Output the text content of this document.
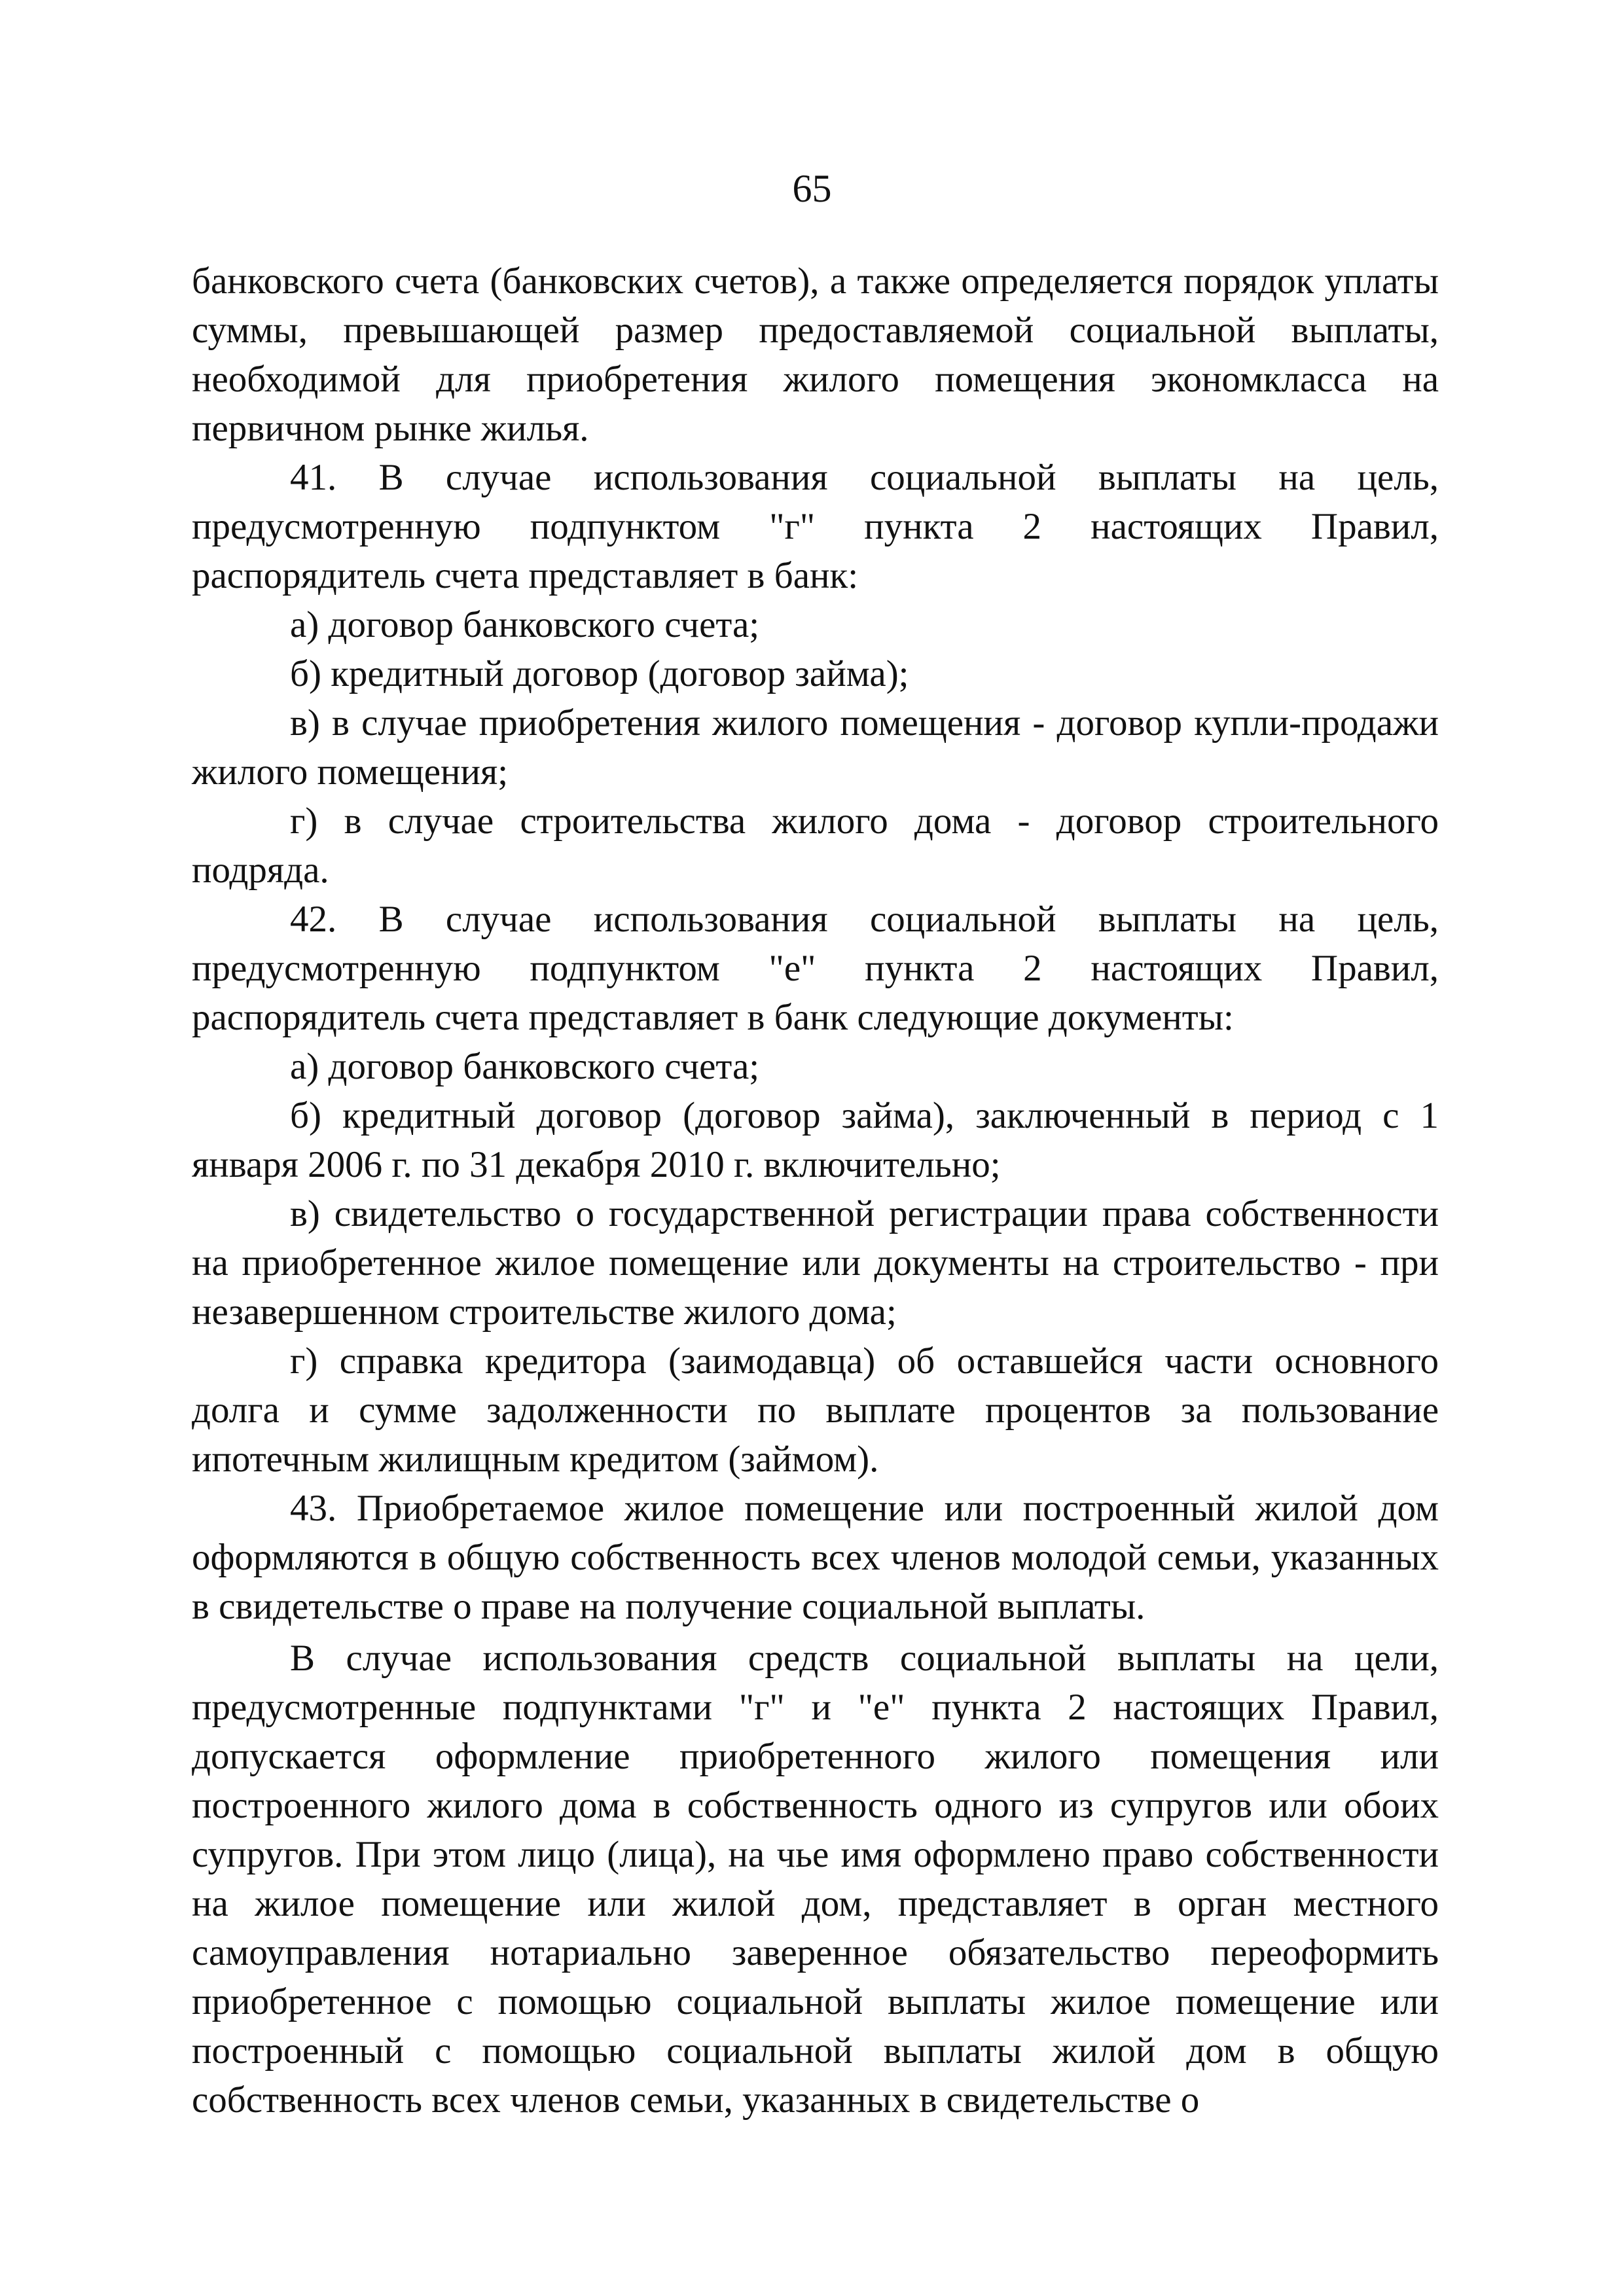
65

банковского счета (банковских счетов), а также определяется порядок уплаты суммы, превышающей размер предоставляемой социальной выплаты, необходимой для приобретения жилого помещения экономкласса на первичном рынке жилья.

41. В случае использования социальной выплаты на цель, предусмотренную подпунктом "г" пункта 2 настоящих Правил, распорядитель счета представляет в банк:

а) договор банковского счета;

б) кредитный договор (договор займа);

в) в случае приобретения жилого помещения - договор купли-продажи жилого помещения;

г) в случае строительства жилого дома - договор строительного подряда.

42. В случае использования социальной выплаты на цель, предусмотренную подпунктом "е" пункта 2 настоящих Правил, распорядитель счета представляет в банк следующие документы:

а) договор банковского счета;

б) кредитный договор (договор займа), заключенный в период с 1 января 2006 г. по 31 декабря 2010 г. включительно;

в) свидетельство о государственной регистрации права собственности на приобретенное жилое помещение или документы на строительство - при незавершенном строительстве жилого дома;

г) справка кредитора (заимодавца) об оставшейся части основного долга и сумме задолженности по выплате процентов за пользование ипотечным жилищным кредитом (займом).

43. Приобретаемое жилое помещение или построенный жилой дом оформляются в общую собственность всех членов молодой семьи, указанных в свидетельстве о праве на получение социальной выплаты.

В случае использования средств социальной выплаты на цели, предусмотренные подпунктами "г" и "е" пункта 2 настоящих Правил, допускается оформление приобретенного жилого помещения или построенного жилого дома в собственность одного из супругов или обоих супругов. При этом лицо (лица), на чье имя оформлено право собственности на жилое помещение или жилой дом, представляет в орган местного самоуправления нотариально заверенное обязательство переоформить приобретенное с помощью социальной выплаты жилое помещение или построенный с помощью социальной выплаты жилой дом в общую собственность всех членов семьи, указанных в свидетельстве о
